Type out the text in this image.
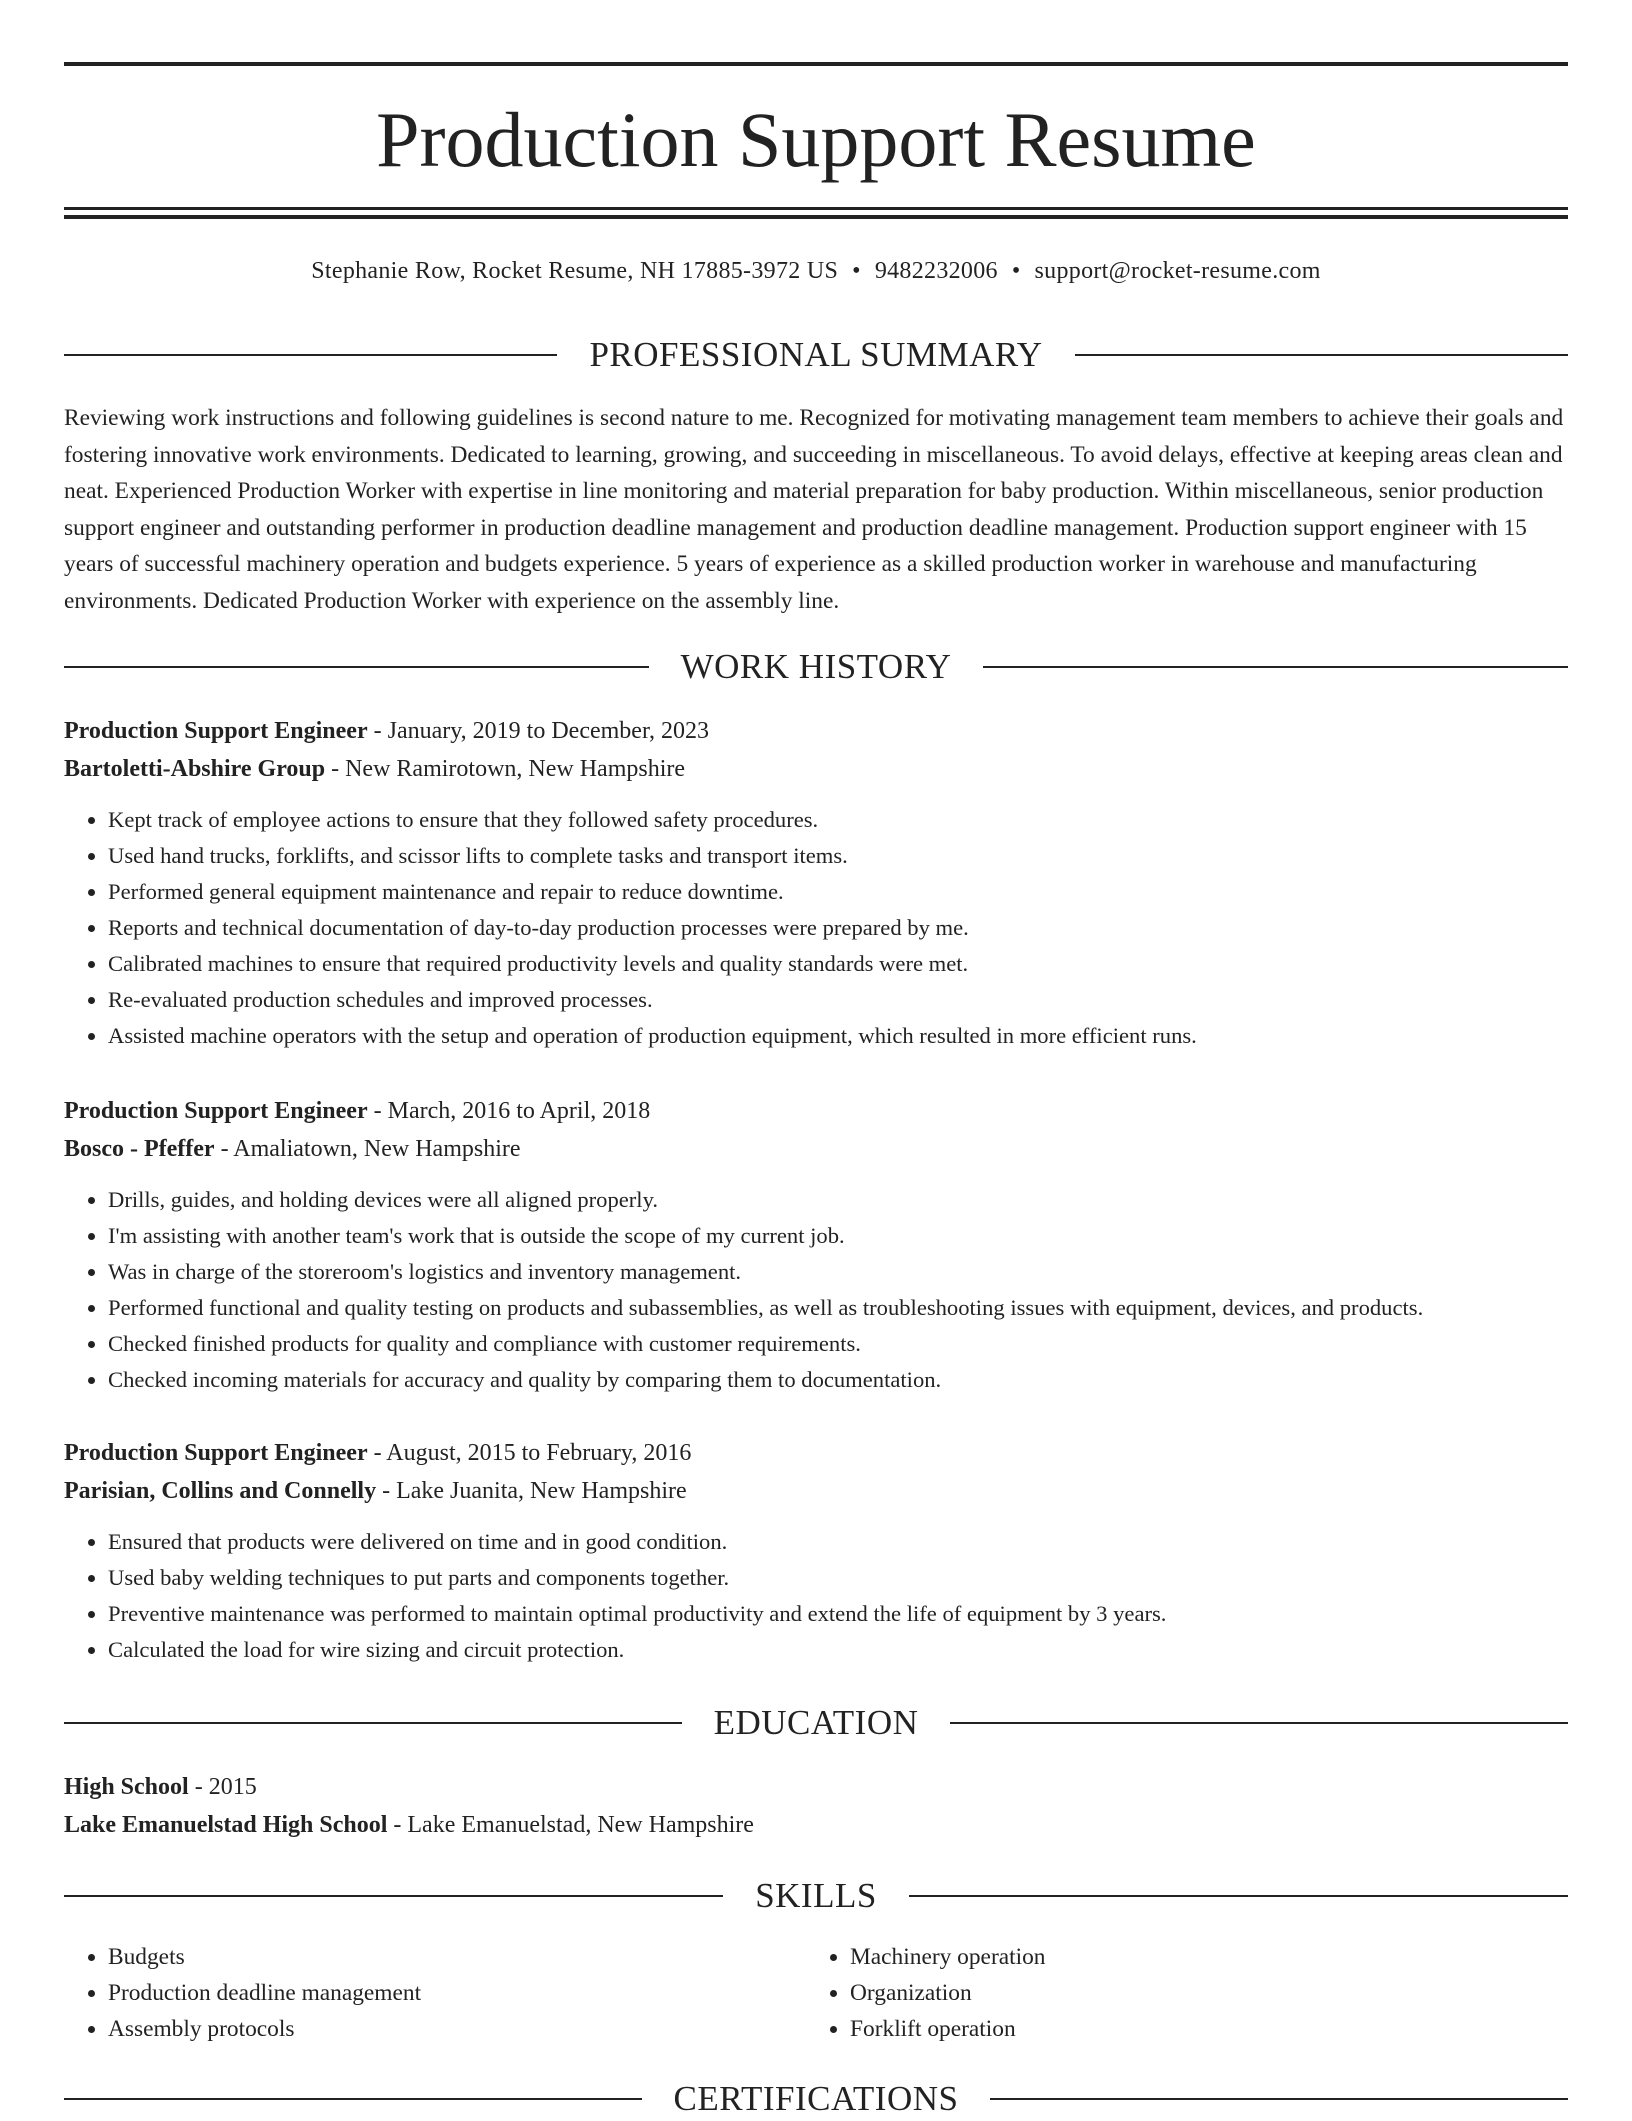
Production Support Resume
Stephanie Row, Rocket Resume, NH 17885-3972 US • 9482232006 • support@rocket-resume.com
PROFESSIONAL SUMMARY

Reviewing work instructions and following guidelines is second nature to me. Recognized for motivating management team members to achieve their goals and fostering innovative work environments. Dedicated to learning, growing, and succeeding in miscellaneous. To avoid delays, effective at keeping areas clean and neat. Experienced Production Worker with expertise in line monitoring and material preparation for baby production. Within miscellaneous, senior production support engineer and outstanding performer in production deadline management and production deadline management. Production support engineer with 15 years of successful machinery operation and budgets experience. 5 years of experience as a skilled production worker in warehouse and manufacturing environments. Dedicated Production Worker with experience on the assembly line.

WORK HISTORY
Production Support Engineer - January, 2019 to December, 2023
Bartoletti-Abshire Group - New Ramirotown, New Hampshire
• Kept track of employee actions to ensure that they followed safety procedures.
• Used hand trucks, forklifts, and scissor lifts to complete tasks and transport items.
• Performed general equipment maintenance and repair to reduce downtime.
• Reports and technical documentation of day-to-day production processes were prepared by me.
• Calibrated machines to ensure that required productivity levels and quality standards were met.
• Re-evaluated production schedules and improved processes.
• Assisted machine operators with the setup and operation of production equipment, which resulted in more efficient runs.
Production Support Engineer - March, 2016 to April, 2018
Bosco - Pfeffer - Amaliatown, New Hampshire
• Drills, guides, and holding devices were all aligned properly.
• I'm assisting with another team's work that is outside the scope of my current job.
• Was in charge of the storeroom's logistics and inventory management.
• Performed functional and quality testing on products and subassemblies, as well as troubleshooting issues with equipment, devices, and products.
• Checked finished products for quality and compliance with customer requirements.
• Checked incoming materials for accuracy and quality by comparing them to documentation.
Production Support Engineer - August, 2015 to February, 2016
Parisian, Collins and Connelly - Lake Juanita, New Hampshire
• Ensured that products were delivered on time and in good condition.
• Used baby welding techniques to put parts and components together.
• Preventive maintenance was performed to maintain optimal productivity and extend the life of equipment by 3 years.
• Calculated the load for wire sizing and circuit protection.
EDUCATION
High School - 2015
Lake Emanuelstad High School - Lake Emanuelstad, New Hampshire
SKILLS
• Budgets
• Production deadline management
• Assembly protocols
• Machinery operation
• Organization
• Forklift operation
CERTIFICATIONS
